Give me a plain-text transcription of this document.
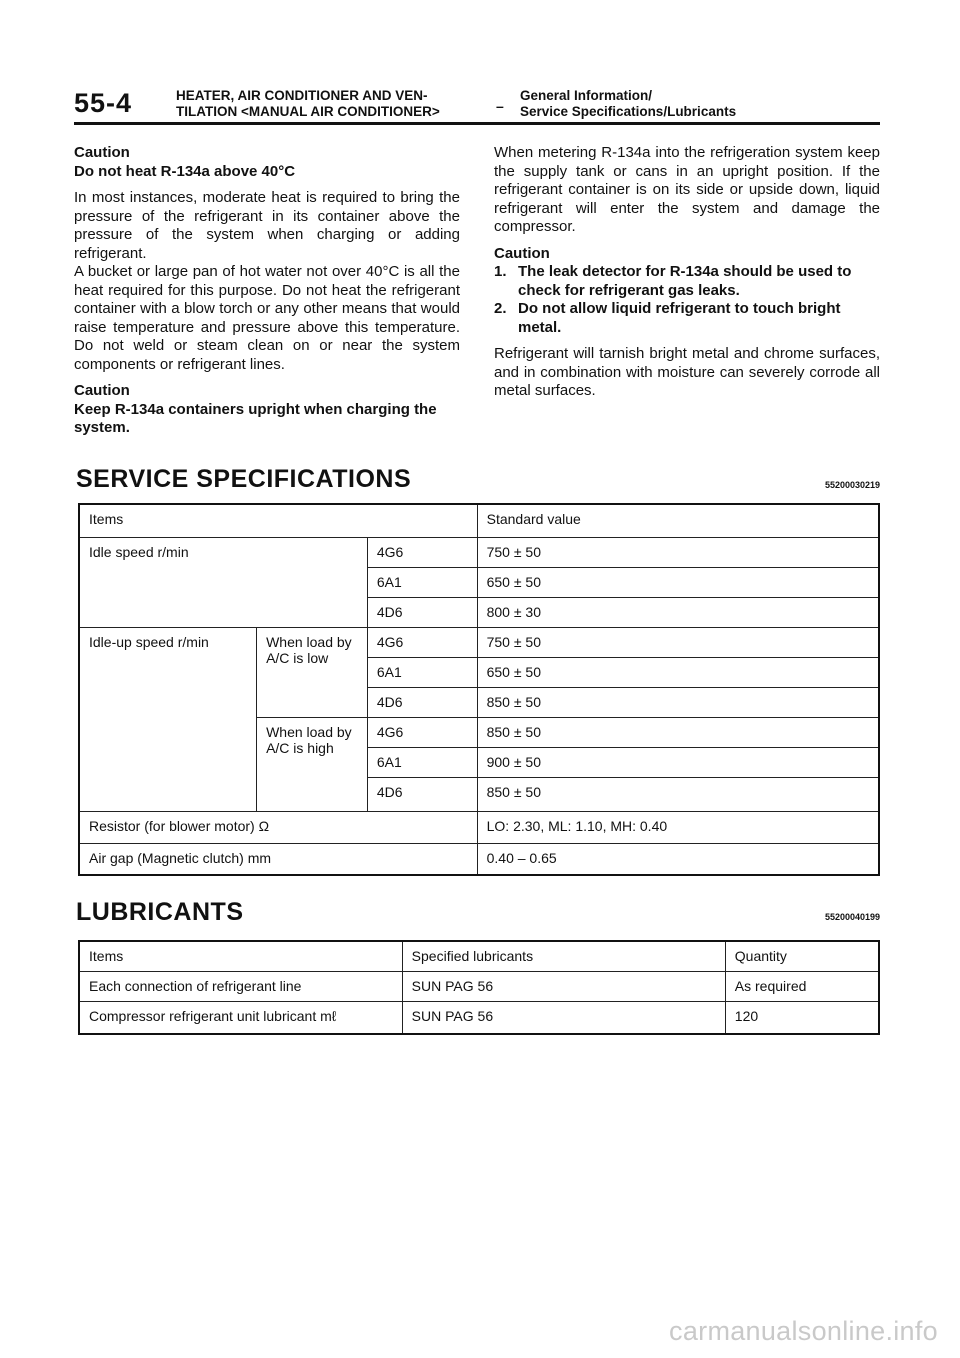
55-4	HEATER, AIR CONDITIONER AND VEN-
TILATION <MANUAL AIR CONDITIONER>	–
General Information/
Service Specifications/Lubricants

Caution
Do not heat R-134a above 40°C

In most instances, moderate heat is required to bring the pressure of the refrigerant in its container above the pressure of the system when charging or adding refrigerant.

A bucket or large pan of hot water not over 40°C is all the heat required for this purpose. Do not heat the refrigerant container with a blow torch or any other means that would raise temperature and pressure above this temperature. Do not weld or steam clean on or near the system components or refrigerant lines.

Caution
Keep R-134a containers upright when charging the system.

When metering R-134a into the refrigeration system keep the supply tank or cans in an upright position. If the refrigerant container is on its side or upside down, liquid refrigerant will enter the system and damage the compressor.

Caution

1. The leak detector for R-134a should be used to check for refrigerant gas leaks.
2. Do not allow liquid refrigerant to touch bright metal.

Refrigerant will tarnish bright metal and chrome surfaces, and in combination with moisture can severely corrode all metal surfaces.

SERVICE SPECIFICATIONS	55200030219
Items			Standard value

Idle speed r/min		4G6	750 ± 50

		6A1	650 ± 50

		4D6	800 ± 30

Idle-up speed r/min	When load by A/C is low	4G6	750 ± 50

		6A1	650 ± 50

		4D6	850 ± 50

	When load by A/C is high	4G6	850 ± 50

		6A1	900 ± 50

		4D6	850 ± 50

Resistor (for blower motor) Ω			LO: 2.30, ML: 1.10, MH: 0.40

Air gap (Magnetic clutch) mm			0.40 – 0.65
LUBRICANTS	55200040199
Items	Specified lubricants	Quantity

Each connection of refrigerant line	SUN PAG 56	As required

Compressor refrigerant unit lubricant mℓ	SUN PAG 56	120
carmanualsonline.info
